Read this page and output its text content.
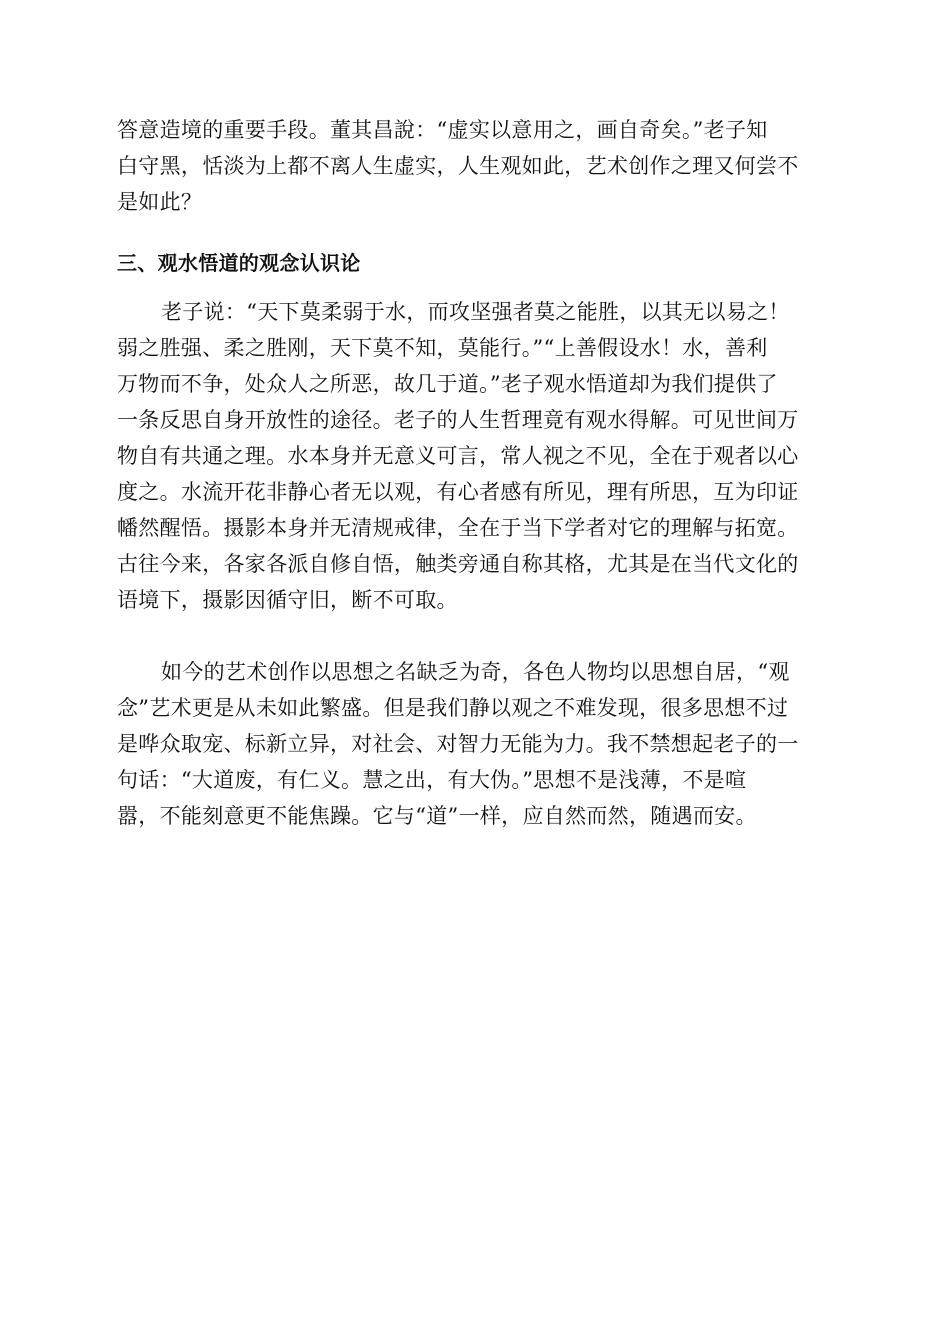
答意造境的重要手段。董其昌說：“虚实以意用之，画自奇矣。”老子知
白守黑，恬淡为上都不离人生虚实，人生观如此，艺术创作之理又何尝不
是如此？
三、观水悟道的观念认识论
老子说：“天下莫柔弱于水，而攻坚强者莫之能胜，以其无以易之！
弱之胜强、柔之胜刚，天下莫不知，莫能行。”“上善假设水！水，善利
万物而不争，处众人之所恶，故几于道。”老子观水悟道却为我们提供了
一条反思自身开放性的途径。老子的人生哲理竟有观水得解。可见世间万
物自有共通之理。水本身并无意义可言，常人视之不见，全在于观者以心
度之。水流开花非静心者无以观，有心者感有所见，理有所思，互为印证
幡然醒悟。摄影本身并无清规戒律，全在于当下学者对它的理解与拓宽。
古往今来，各家各派自修自悟，触类旁通自称其格，尤其是在当代文化的
语境下，摄影因循守旧，断不可取。
如今的艺术创作以思想之名缺乏为奇，各色人物均以思想自居，“观
念”艺术更是从未如此繁盛。但是我们静以观之不难发现，很多思想不过
是哗众取宠、标新立异，对社会、对智力无能为力。我不禁想起老子的一
句话：“大道废，有仁义。慧之出，有大伪。”思想不是浅薄，不是喧
嚣，不能刻意更不能焦躁。它与“道”一样，应自然而然，随遇而安。
